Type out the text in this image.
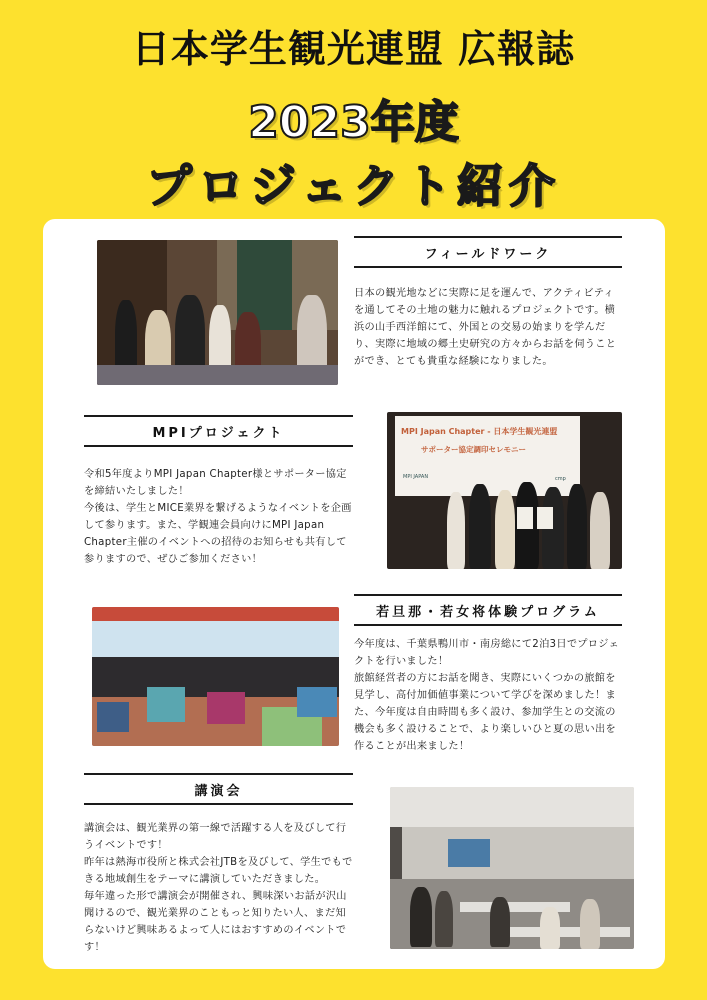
日本学生観光連盟 広報誌
2023年度
プロジェクト紹介
フィールドワーク
日本の観光地などに実際に足を運んで、アクティビティを通してその土地の魅力に触れるプロジェクトです。横浜の山手西洋館にて、外国との交易の始まりを学んだり、実際に地域の郷土史研究の方々からお話を伺うことができ、とても貴重な経験になりました。
MPIプロジェクト
令和5年度よりMPI Japan Chapter様とサポーター協定を締結いたしました！
今後は、学生とMICE業界を繋げるようなイベントを企画して参ります。また、学観連会員向けにMPI Japan Chapter主催のイベントへの招待のお知らせも共有して参りますので、ぜひご参加ください！
MPI Japan Chapter - 日本学生観光連盟
サポーター協定調印セレモニー
MPI JAPAN	cmp
若旦那・若女将体験プログラム
今年度は、千葉県鴨川市・南房総にて2泊3日でプロジェクトを行いました！
旅館経営者の方にお話を聞き、実際にいくつかの旅館を見学し、高付加価値事業について学びを深めました！また、今年度は自由時間も多く設け、参加学生との交流の機会も多く設けることで、より楽しいひと夏の思い出を作ることが出来ました！
講演会
講演会は、観光業界の第一線で活躍する人を及びして行うイベントです！
昨年は熱海市役所と株式会社JTBを及びして、学生でもできる地域創生をテーマに講演していただきました。
毎年違った形で講演会が開催され、興味深いお話が沢山聞けるので、観光業界のこともっと知りたい人、まだ知らないけど興味あるよって人にはおすすめのイベントです！
